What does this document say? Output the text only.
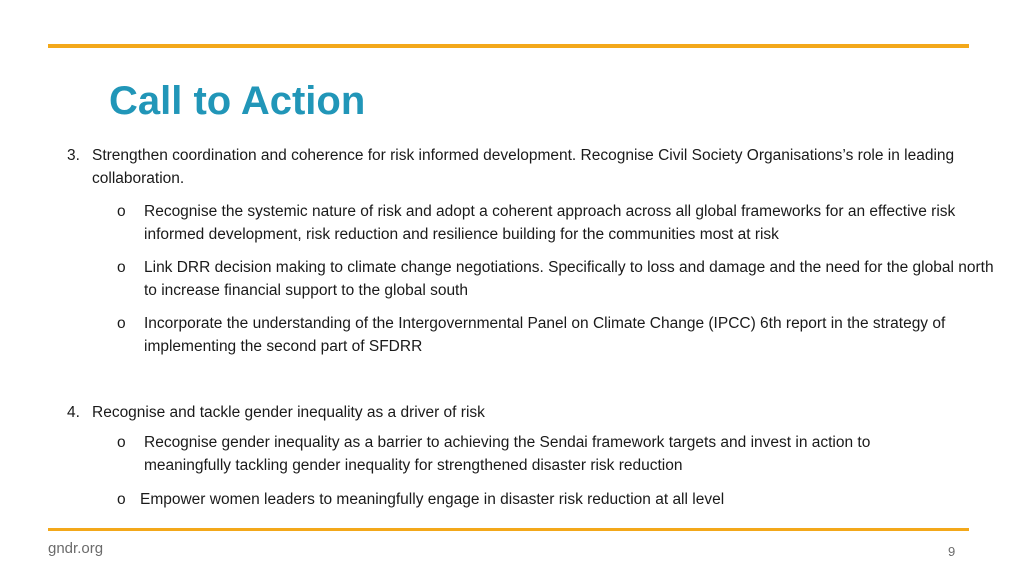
Call to Action
3. Strengthen coordination and coherence for risk informed development. Recognise Civil Society Organisations’s role in leading collaboration.
o Recognise the systemic nature of risk and adopt a coherent approach across all global frameworks for an effective risk informed development, risk reduction and resilience building for the communities most at risk
o Link DRR decision making to climate change negotiations. Specifically to loss and damage and the need for the global north to increase financial support to the global south
o Incorporate the understanding of the Intergovernmental Panel on Climate Change (IPCC) 6th report in the strategy of implementing the second part of SFDRR
4. Recognise and tackle gender inequality as a driver of risk
o Recognise gender inequality as a barrier to achieving the Sendai framework targets and invest in action to meaningfully tackling gender inequality for strengthened disaster risk reduction
o Empower women leaders to meaningfully engage in disaster risk reduction at all level
gndr.org	9
